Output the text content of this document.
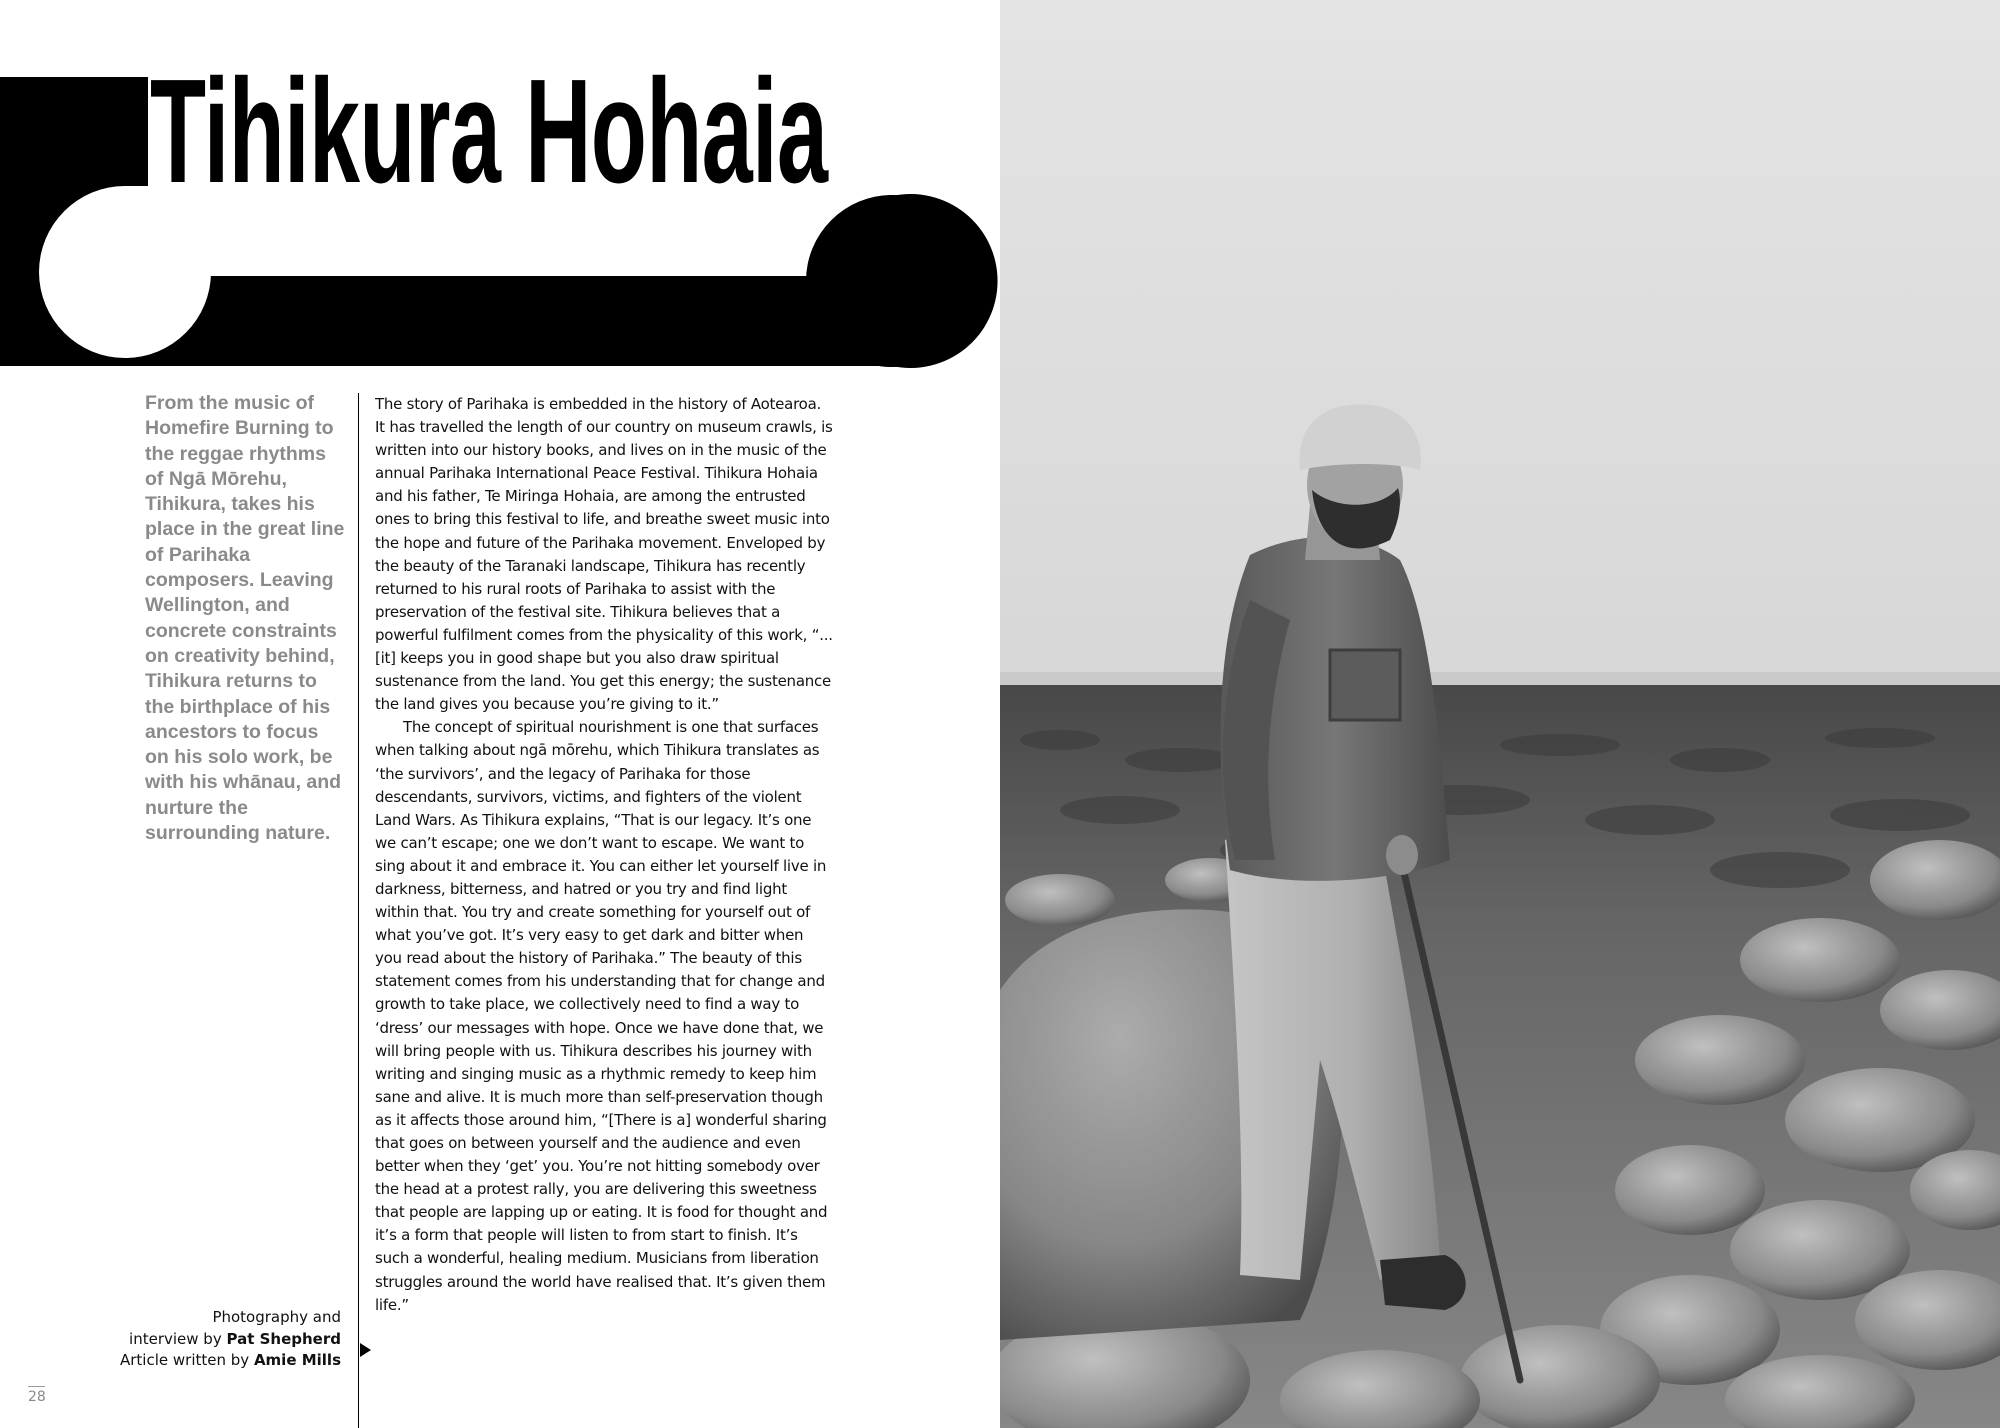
Tihikura Hohaia

From the music of Homefire Burning to the reggae rhythms of Ngā Mōrehu, Tihikura, takes his place in the great line of Parihaka composers. Leaving Wellington, and concrete constraints on creativity behind, Tihikura returns to the birthplace of his ancestors to focus on his solo work, be with his whānau, and nurture the surrounding nature.

The story of Parihaka is embedded in the history of Aotearoa. It has travelled the length of our country on museum crawls, is written into our history books, and lives on in the music of the annual Parihaka International Peace Festival. Tihikura Hohaia and his father, Te Miringa Hohaia, are among the entrusted ones to bring this festival to life, and breathe sweet music into the hope and future of the Parihaka movement. Enveloped by the beauty of the Taranaki landscape, Tihikura has recently returned to his rural roots of Parihaka to assist with the preservation of the festival site. Tihikura believes that a powerful fulfilment comes from the physicality of this work, “...[it] keeps you in good shape but you also draw spiritual sustenance from the land. You get this energy; the sustenance the land gives you because you’re giving to it.”

The concept of spiritual nourishment is one that surfaces when talking about ngā mōrehu, which Tihikura translates as ‘the survivors’, and the legacy of Parihaka for those descendants, survivors, victims, and fighters of the violent Land Wars. As Tihikura explains, “That is our legacy. It’s one we can’t escape; one we don’t want to escape. We want to sing about it and embrace it. You can either let yourself live in darkness, bitterness, and hatred or you try and find light within that. You try and create something for yourself out of what you’ve got. It’s very easy to get dark and bitter when you read about the history of Parihaka.” The beauty of this statement comes from his understanding that for change and growth to take place, we collectively need to find a way to ‘dress’ our messages with hope. Once we have done that, we will bring people with us. Tihikura describes his journey with writing and singing music as a rhythmic remedy to keep him sane and alive. It is much more than self-preservation though as it affects those around him, “[There is a] wonderful sharing that goes on between yourself and the audience and even better when they ‘get’ you. You’re not hitting somebody over the head at a protest rally, you are delivering this sweetness that people are lapping up or eating. It is food for thought and it’s a form that people will listen to from start to finish. It’s such a wonderful, healing medium. Musicians from liberation struggles around the world have realised that. It’s given them life.”

Photography and
interview by Pat Shepherd
Article written by Amie Mills
28
